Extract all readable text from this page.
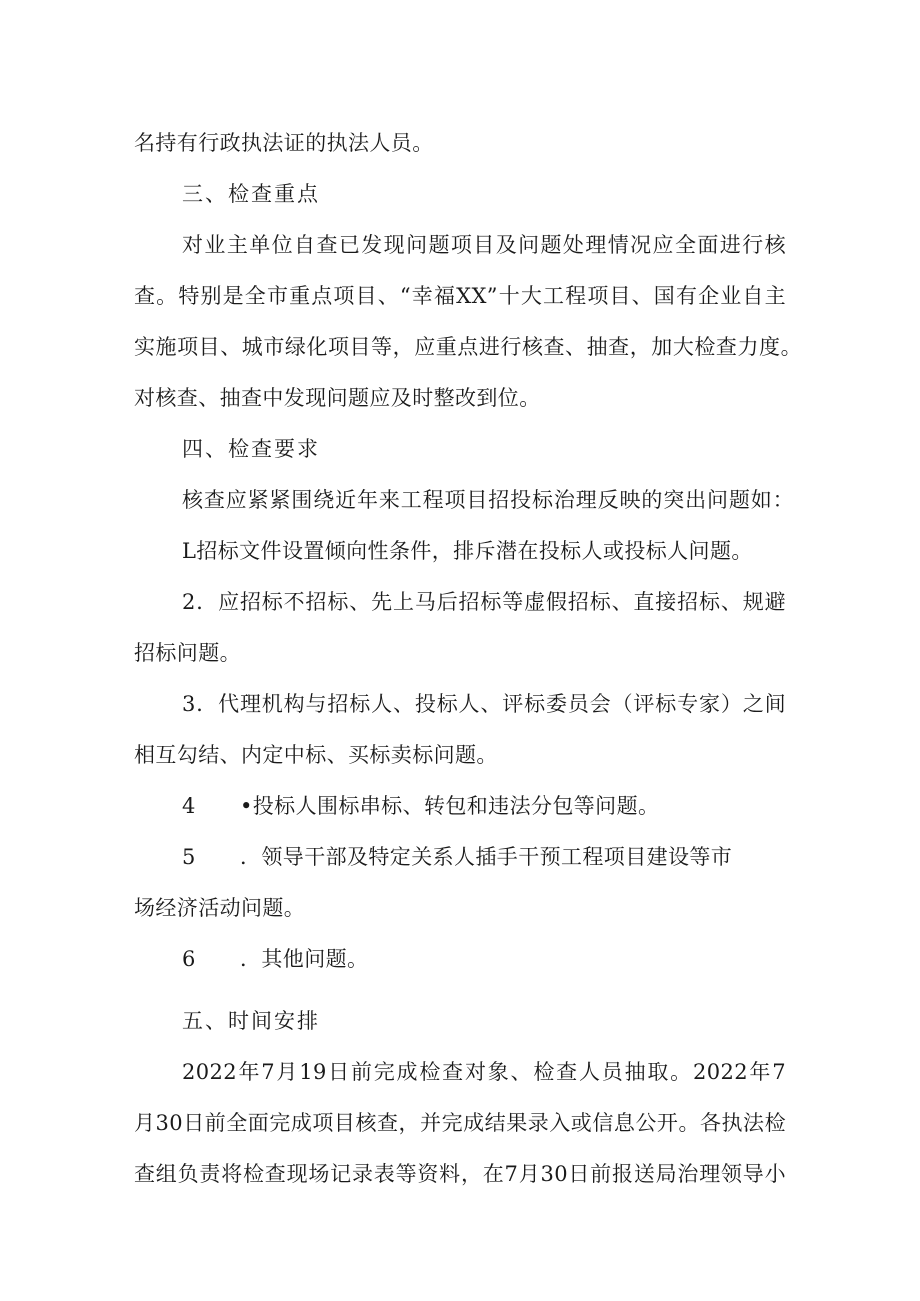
名持有行政执法证的执法人员。
三、检查重点
对业主单位自查已发现问题项目及问题处理情况应全面进行核
查。特别是全市重点项目、“幸福XX”十大工程项目、国有企业自主
实施项目、城市绿化项目等，应重点进行核查、抽查，加大检查力度。
对核查、抽查中发现问题应及时整改到位。
四、检查要求
核查应紧紧围绕近年来工程项目招投标治理反映的突出问题如：
L招标文件设置倾向性条件，排斥潜在投标人或投标人问题。
2．应招标不招标、先上马后招标等虚假招标、直接招标、规避
招标问题。
3．代理机构与招标人、投标人、评标委员会（评标专家）之间
相互勾结、内定中标、买标卖标问题。
4 •投标人围标串标、转包和违法分包等问题。
5 ．领导干部及特定关系人插手干预工程项目建设等市
场经济活动问题。
6 ．其他问题。
五、时间安排
2022年7月19日前完成检查对象、检查人员抽取。2022年7
月30日前全面完成项目核查，并完成结果录入或信息公开。各执法检
查组负责将检查现场记录表等资料，在7月30日前报送局治理领导小
